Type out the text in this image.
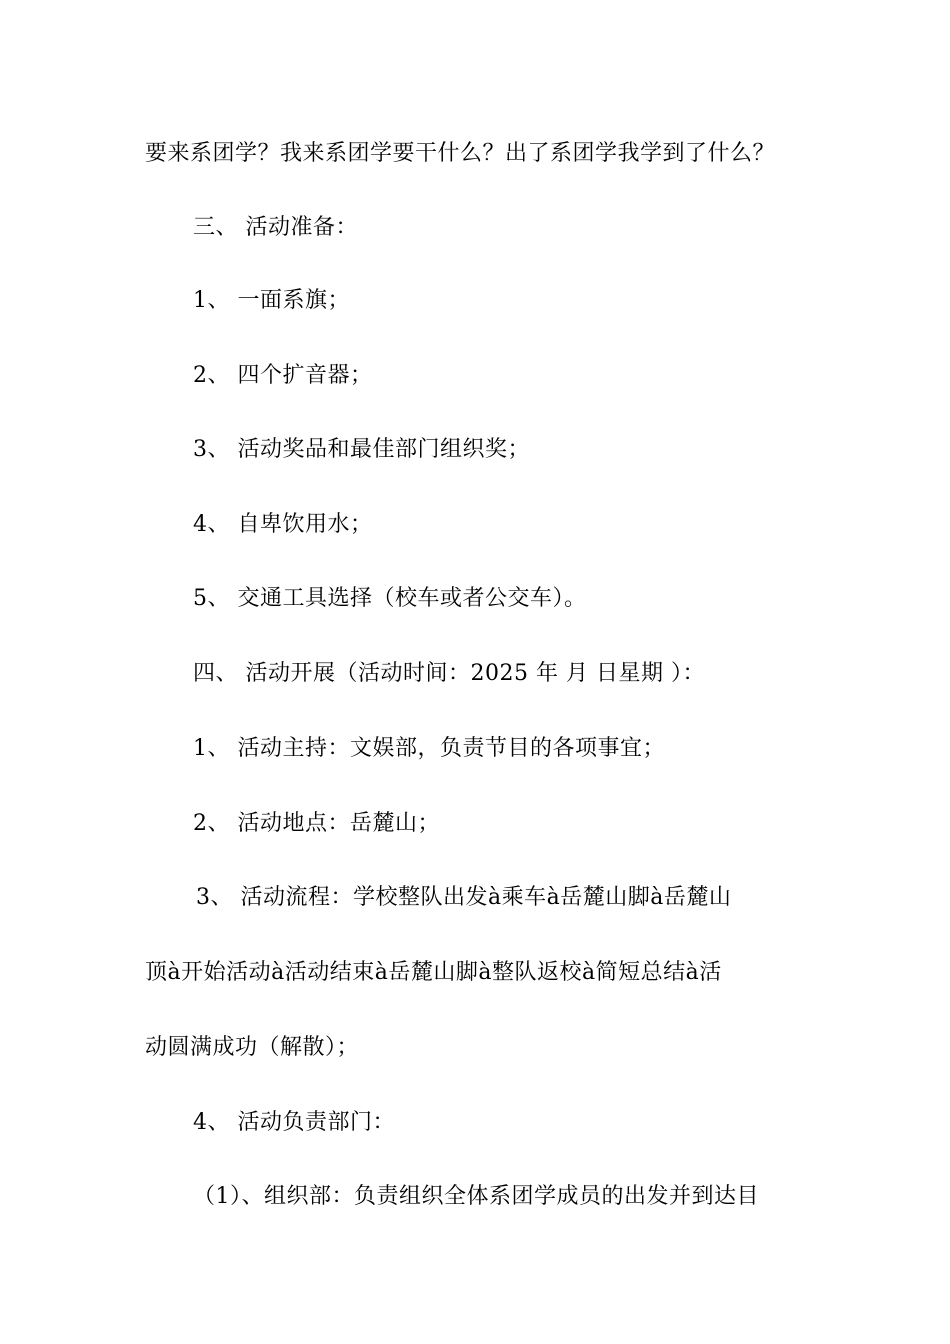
要来系团学？我来系团学要干什么？出了系团学我学到了什么？
三、 活动准备：
1、 一面系旗；
2、 四个扩音器；
3、 活动奖品和最佳部门组织奖；
4、 自卑饮用水；
5、 交通工具选择（校车或者公交车）。
四、 活动开展（活动时间：2025 年 月 日星期 ）：
1、 活动主持：文娱部，负责节目的各项事宜；
2、 活动地点：岳麓山；
3、 活动流程：学校整队出发à乘车à岳麓山脚à岳麓山
顶à开始活动à活动结束à岳麓山脚à整队返校à简短总结à活
动圆满成功（解散）；
4、 活动负责部门：
（1）、组织部：负责组织全体系团学成员的出发并到达目
